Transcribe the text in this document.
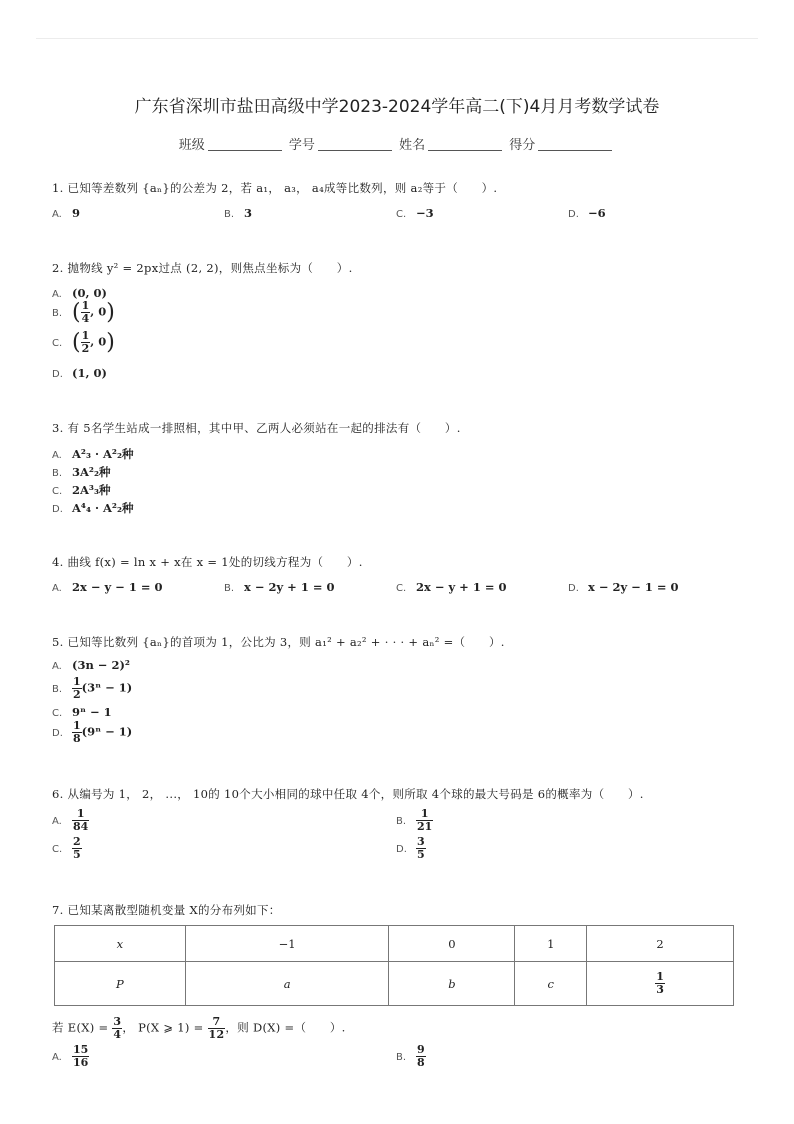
广东省深圳市盐田高级中学2023-2024学年高二(下)4月月考数学试卷
班级	学号	姓名	得分
1. 已知等差数列 {aₙ}的公差为 2，若 a₁， a₃， a₄成等比数列，则 a₂等于（　　）.
A. 9	B. 3	C. −3	D. −6
2. 抛物线 y² = 2px过点 (2, 2)，则焦点坐标为（　　）.
A. (0, 0)
B. ( $\frac{1}{4}$ , 0)
C. ( $\frac{1}{2}$ , 0)
D. (1, 0)
3. 有 5名学生站成一排照相，其中甲、乙两人必须站在一起的排法有（　　）.
A. A²₃ · A²₂种
B. 3A²₂种
C. 2A³₃种
D. A⁴₄ · A²₂种
4. 曲线 f(x) = ln x + x在 x = 1处的切线方程为（　　）.
A. 2x − y − 1 = 0	B. x − 2y + 1 = 0	C. 2x − y + 1 = 0	D. x − 2y − 1 = 0
5. 已知等比数列 {aₙ}的首项为 1，公比为 3，则 a₁² + a₂² + · · · + aₙ² =（　　）.
A. (3n − 2)²
B. $\frac{1}{2} (3^n - 1)$
C. 9ⁿ − 1
D. $\frac{1}{8} (9^n - 1)$
6. 从编号为 1， 2， ...， 10的 10个大小相同的球中任取 4个，则所取 4个球的最大号码是 6的概率为（　　）.
A. $\frac{1}{84}$	B. $\frac{1}{21}$
C. $\frac{2}{5}$	D. $\frac{3}{5}$
7. 已知某离散型随机变量 X的分布列如下：
x	−1	0	1	2
P	a	b	c	$\frac{1}{3}$
若 $E(X) = \frac{3}{4}$ ， P(X ⩾ $1) = \frac{7}{12}$ ，则 D(X) =（　　）.
A. $\frac{15}{16}$	B. $\frac{9}{8}$
